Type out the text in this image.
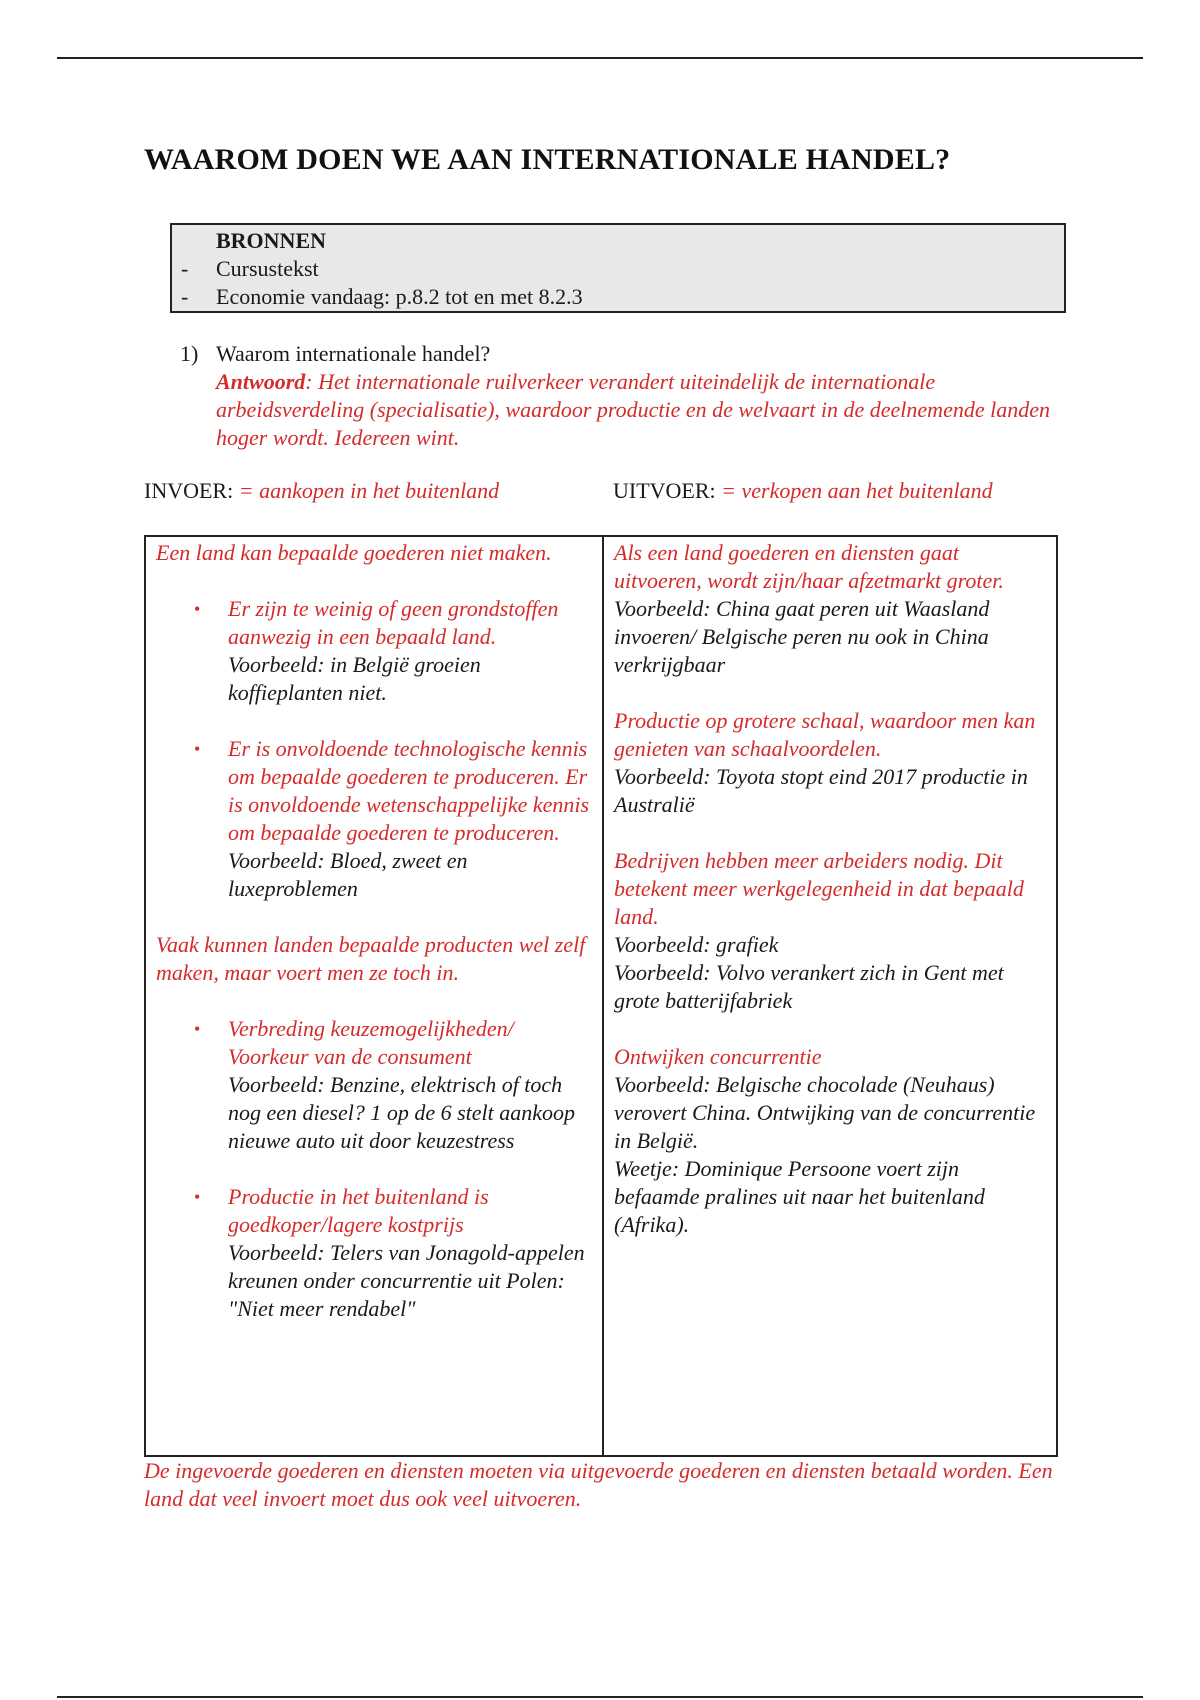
WAAROM DOEN WE AAN INTERNATIONALE HANDEL?
BRONNEN
-	Cursustekst
-	Economie vandaag: p.8.2 tot en met 8.2.3
1) Waarom internationale handel?
Antwoord: Het internationale ruilverkeer verandert uiteindelijk de internationale arbeidsverdeling (specialisatie), waardoor productie en de welvaart in de deelnemende landen hoger wordt. Iedereen wint.
INVOER: = aankopen in het buitenland	UITVOER: = verkopen aan het buitenland
Een land kan bepaalde goederen niet maken.
•	Er zijn te weinig of geen grondstoffen aanwezig in een bepaald land.
Voorbeeld: in België groeien koffieplanten niet.
•	Er is onvoldoende technologische kennis om bepaalde goederen te produceren. Er is onvoldoende wetenschappelijke kennis om bepaalde goederen te produceren.
Voorbeeld: Bloed, zweet en luxeproblemen
Vaak kunnen landen bepaalde producten wel zelf maken, maar voert men ze toch in.
•	Verbreding keuzemogelijkheden/ Voorkeur van de consument
Voorbeeld: Benzine, elektrisch of toch nog een diesel? 1 op de 6 stelt aankoop nieuwe auto uit door keuzestress
•	Productie in het buitenland is goedkoper/lagere kostprijs
Voorbeeld: Telers van Jonagold-appelen kreunen onder concurrentie uit Polen: "Niet meer rendabel"
Als een land goederen en diensten gaat uitvoeren, wordt zijn/haar afzetmarkt groter.
Voorbeeld: China gaat peren uit Waasland invoeren/ Belgische peren nu ook in China verkrijgbaar
Productie op grotere schaal, waardoor men kan genieten van schaalvoordelen.
Voorbeeld: Toyota stopt eind 2017 productie in Australië
Bedrijven hebben meer arbeiders nodig. Dit betekent meer werkgelegenheid in dat bepaald land.
Voorbeeld: grafiek
Voorbeeld: Volvo verankert zich in Gent met grote batterijfabriek
Ontwijken concurrentie
Voorbeeld: Belgische chocolade (Neuhaus) verovert China. Ontwijking van de concurrentie in België.
Weetje: Dominique Persoone voert zijn befaamde pralines uit naar het buitenland (Afrika).
De ingevoerde goederen en diensten moeten via uitgevoerde goederen en diensten betaald worden. Een land dat veel invoert moet dus ook veel uitvoeren.
